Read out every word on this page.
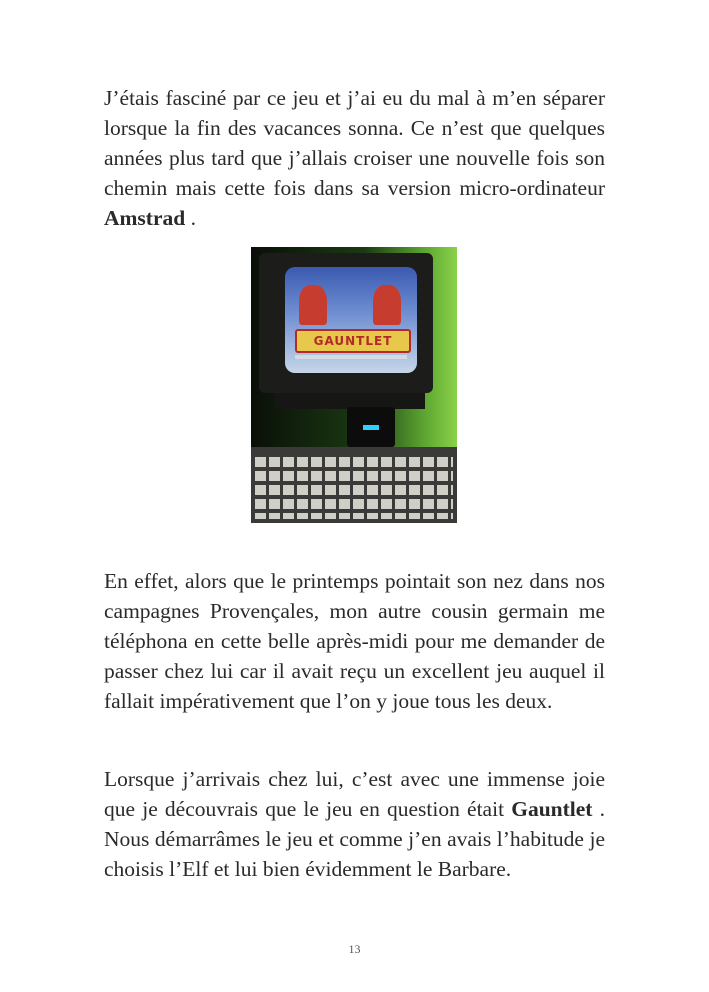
J’étais fasciné par ce jeu et j’ai eu du mal à m’en séparer lorsque la fin des vacances sonna. Ce n’est que quelques années plus tard que j’allais croiser une nouvelle fois son chemin mais cette fois dans sa version micro-ordinateur Amstrad .

GAUNTLET

En effet, alors que le printemps pointait son nez dans nos campagnes Provençales, mon autre cousin germain me téléphona en cette belle après-midi pour me demander de passer chez lui car il avait reçu un excellent jeu auquel il fallait impérativement que l’on y joue tous les deux.

Lorsque j’arrivais chez lui, c’est avec une immense joie que je découvrais que le jeu en question était Gauntlet . Nous démarrâmes le jeu et comme j’en avais l’habitude je choisis l’Elf et lui bien évidemment le Barbare.

13
